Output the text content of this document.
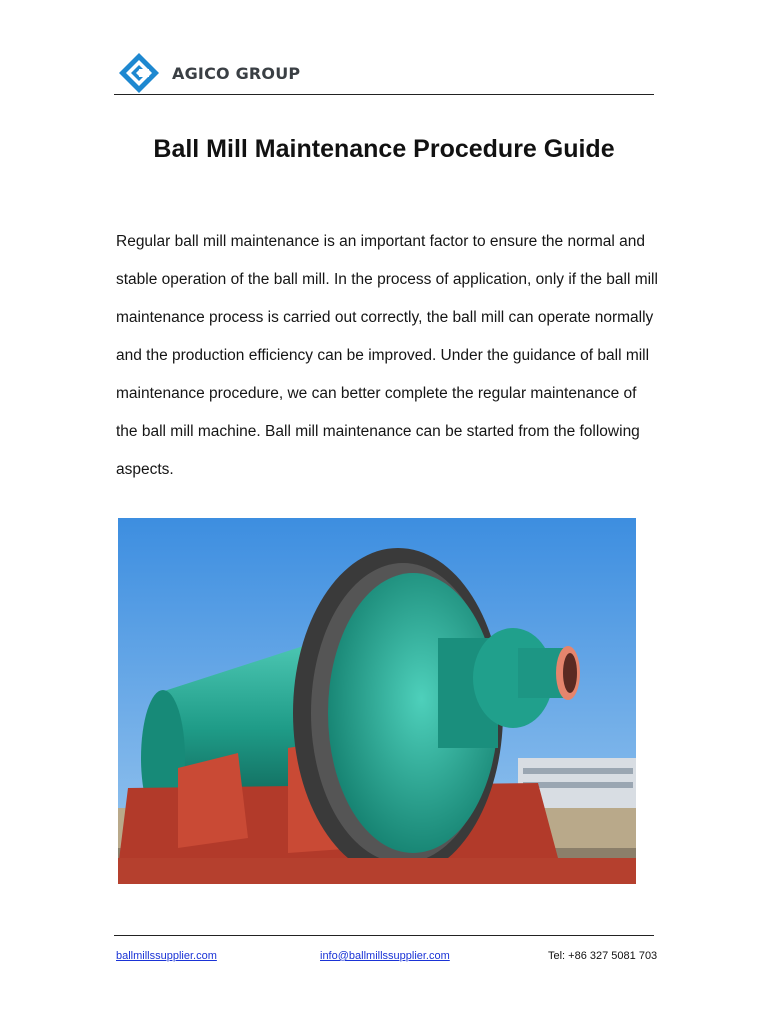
AGICO GROUP
Ball Mill Maintenance Procedure Guide

Regular ball mill maintenance is an important factor to ensure the normal and stable operation of the ball mill. In the process of application, only if the ball mill maintenance process is carried out correctly, the ball mill can operate normally and the production efficiency can be improved. Under the guidance of ball mill maintenance procedure, we can better complete the regular maintenance of the ball mill machine. Ball mill maintenance can be started from the following aspects.

ballmillssupplier.com	info@ballmillssupplier.com	Tel: +86 327 5081 703
